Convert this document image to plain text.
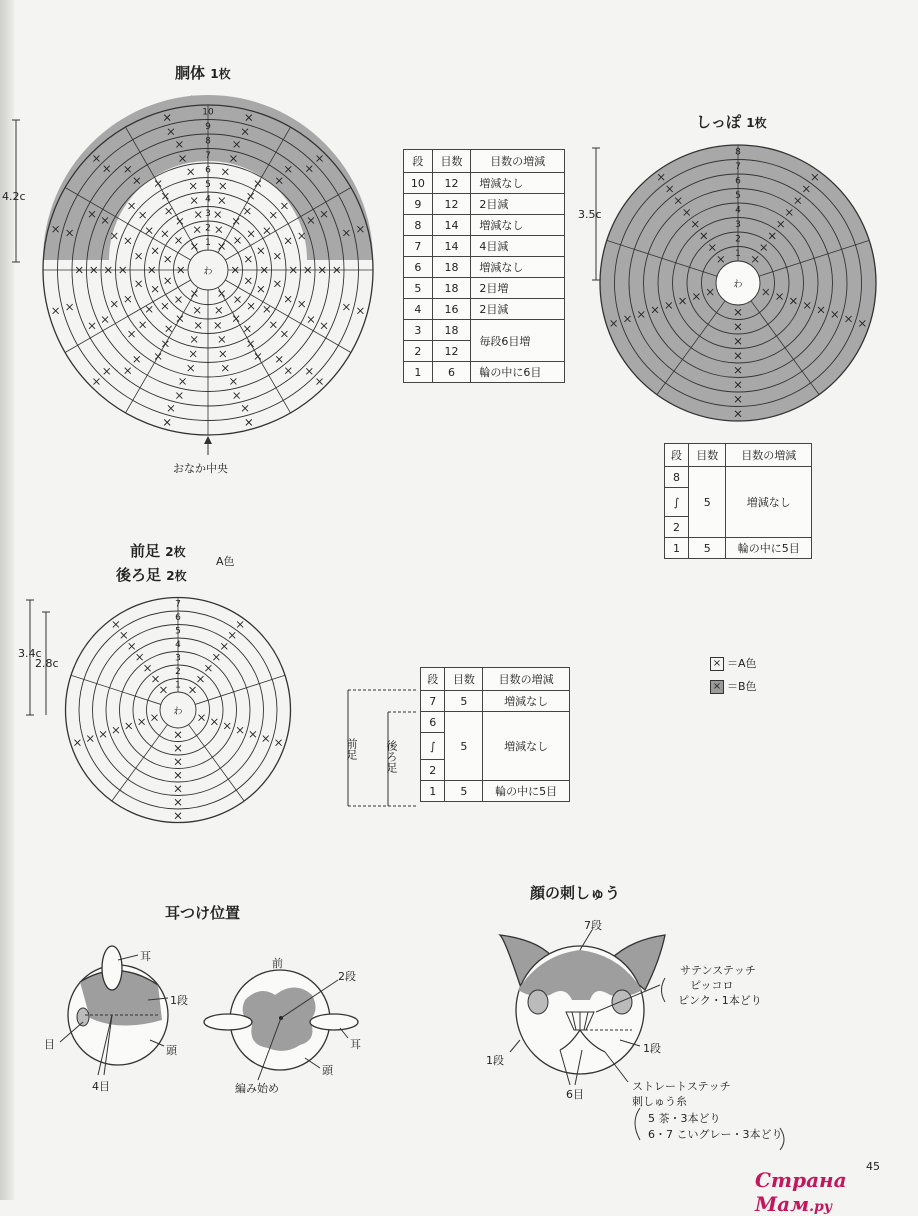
胴体 1枚
4.2c
おなか中央
わ
1
2
3
4
5
6
7
8
9
10
段	目数	目数の増減
10	12	増減なし
9	12	2目減
8	14	増減なし
7	14	4目減
6	18	増減なし
5	18	2目増
4	16	2目減
3	18	毎段6目増
2	12	
1	6	輪の中に6目
しっぽ 1枚
3.5c
わ
1
2
3
4
5
6
7
8
段	目数	目数の増減
8	5	増減なし
∫		
2		
1	5	輪の中に5目
× ＝A色
× ＝B色
前足 2枚
後ろ足 2枚
A色
3.4c
2.8c
わ
1
2
3
4
5
6
7
前足 後ろ足
段	目数	目数の増減
7	5	増減なし
6	5	増減なし
∫		
2		
1	5	輪の中に5目
耳つけ位置
耳
1段
目	頭
4目
前
2段
耳
頭
編み始め
顔の刺しゅう
7段
サテンステッチ
ピッコロ
ピンク・1本どり
1段
1段
6目
ストレートステッチ
刺しゅう糸
5 茶・3本どり
6・7 こいグレー・3本どり
45
Страна Мам.ру
